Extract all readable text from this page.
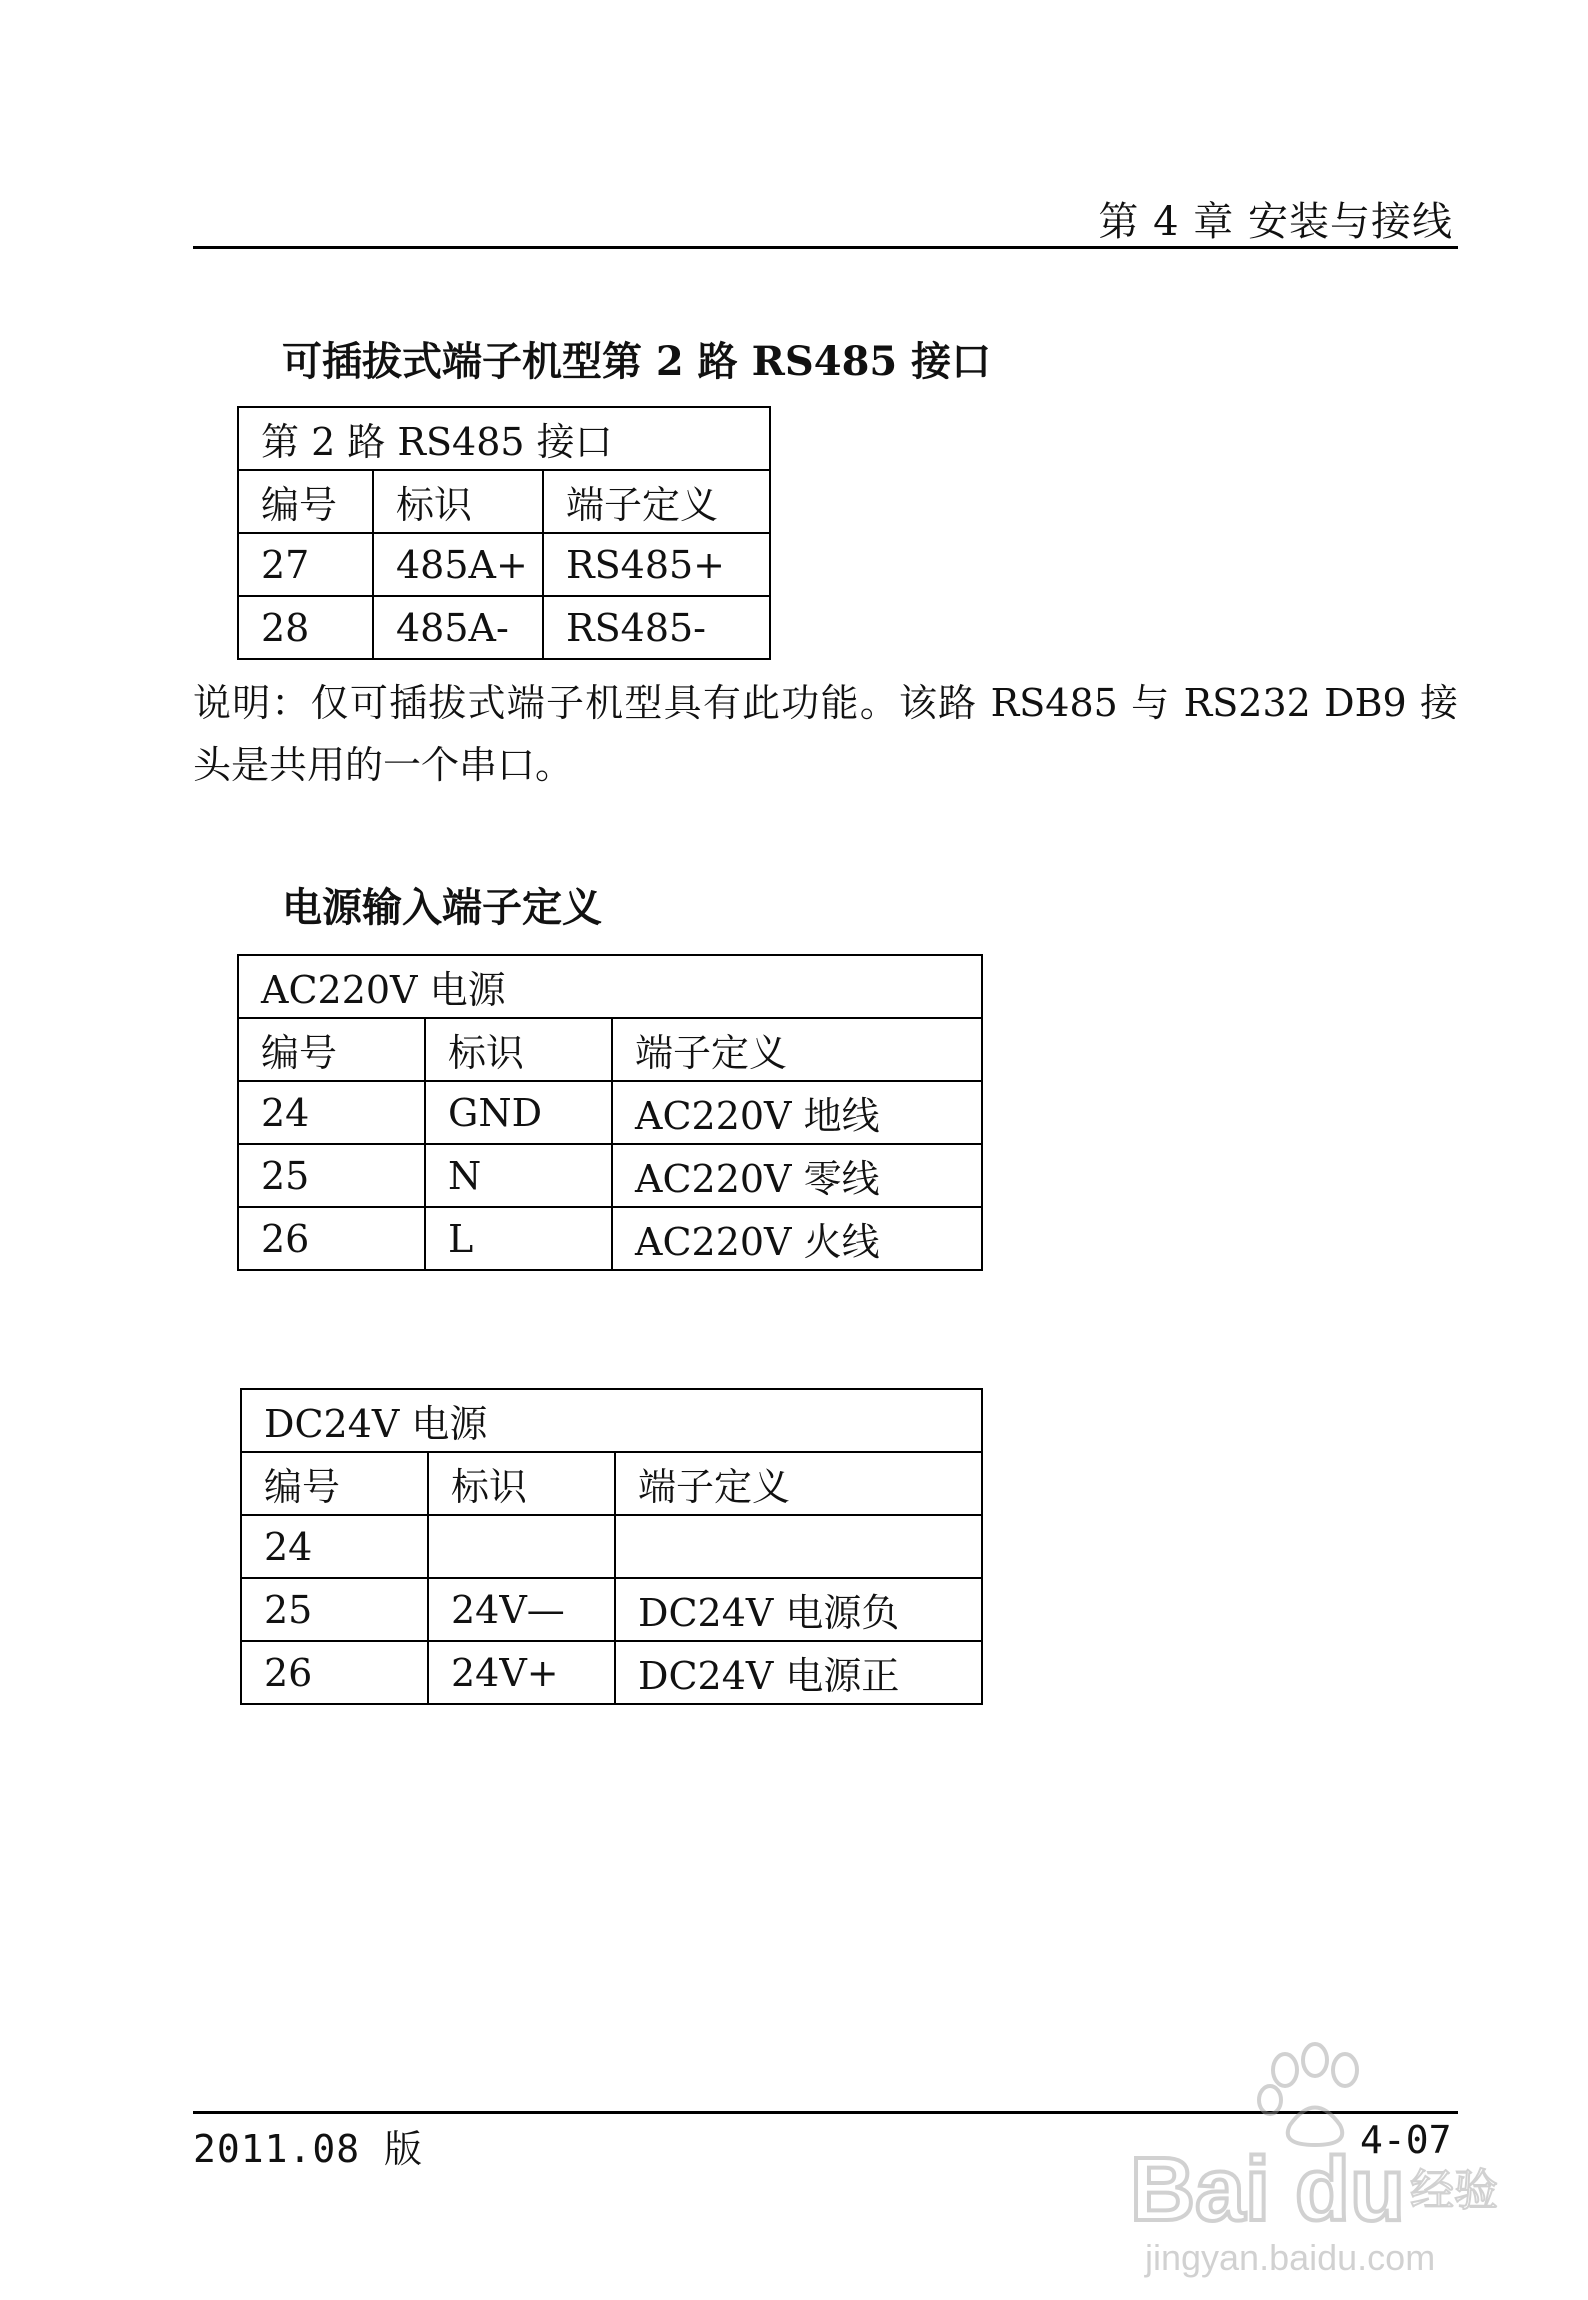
第 4 章 安装与接线
可插拔式端子机型第 2 路 RS485 接口
第 2 路 RS485 接口		
编号	标识	端子定义
27	485A+	RS485+
28	485A-	RS485-
说明：仅可插拔式端子机型具有此功能。该路 RS485 与 RS232 DB9 接头是共用的一个串口。
电源输入端子定义
AC220V 电源		
编号	标识	端子定义
24	GND	AC220V 地线
25	N	AC220V 零线
26	L	AC220V 火线
DC24V 电源		
编号	标识	端子定义
24		
25	24V—	DC24V 电源负
26	24V+	DC24V 电源正
2011.08 版	4-07
Bai du 经验
jingyan.baidu.com
